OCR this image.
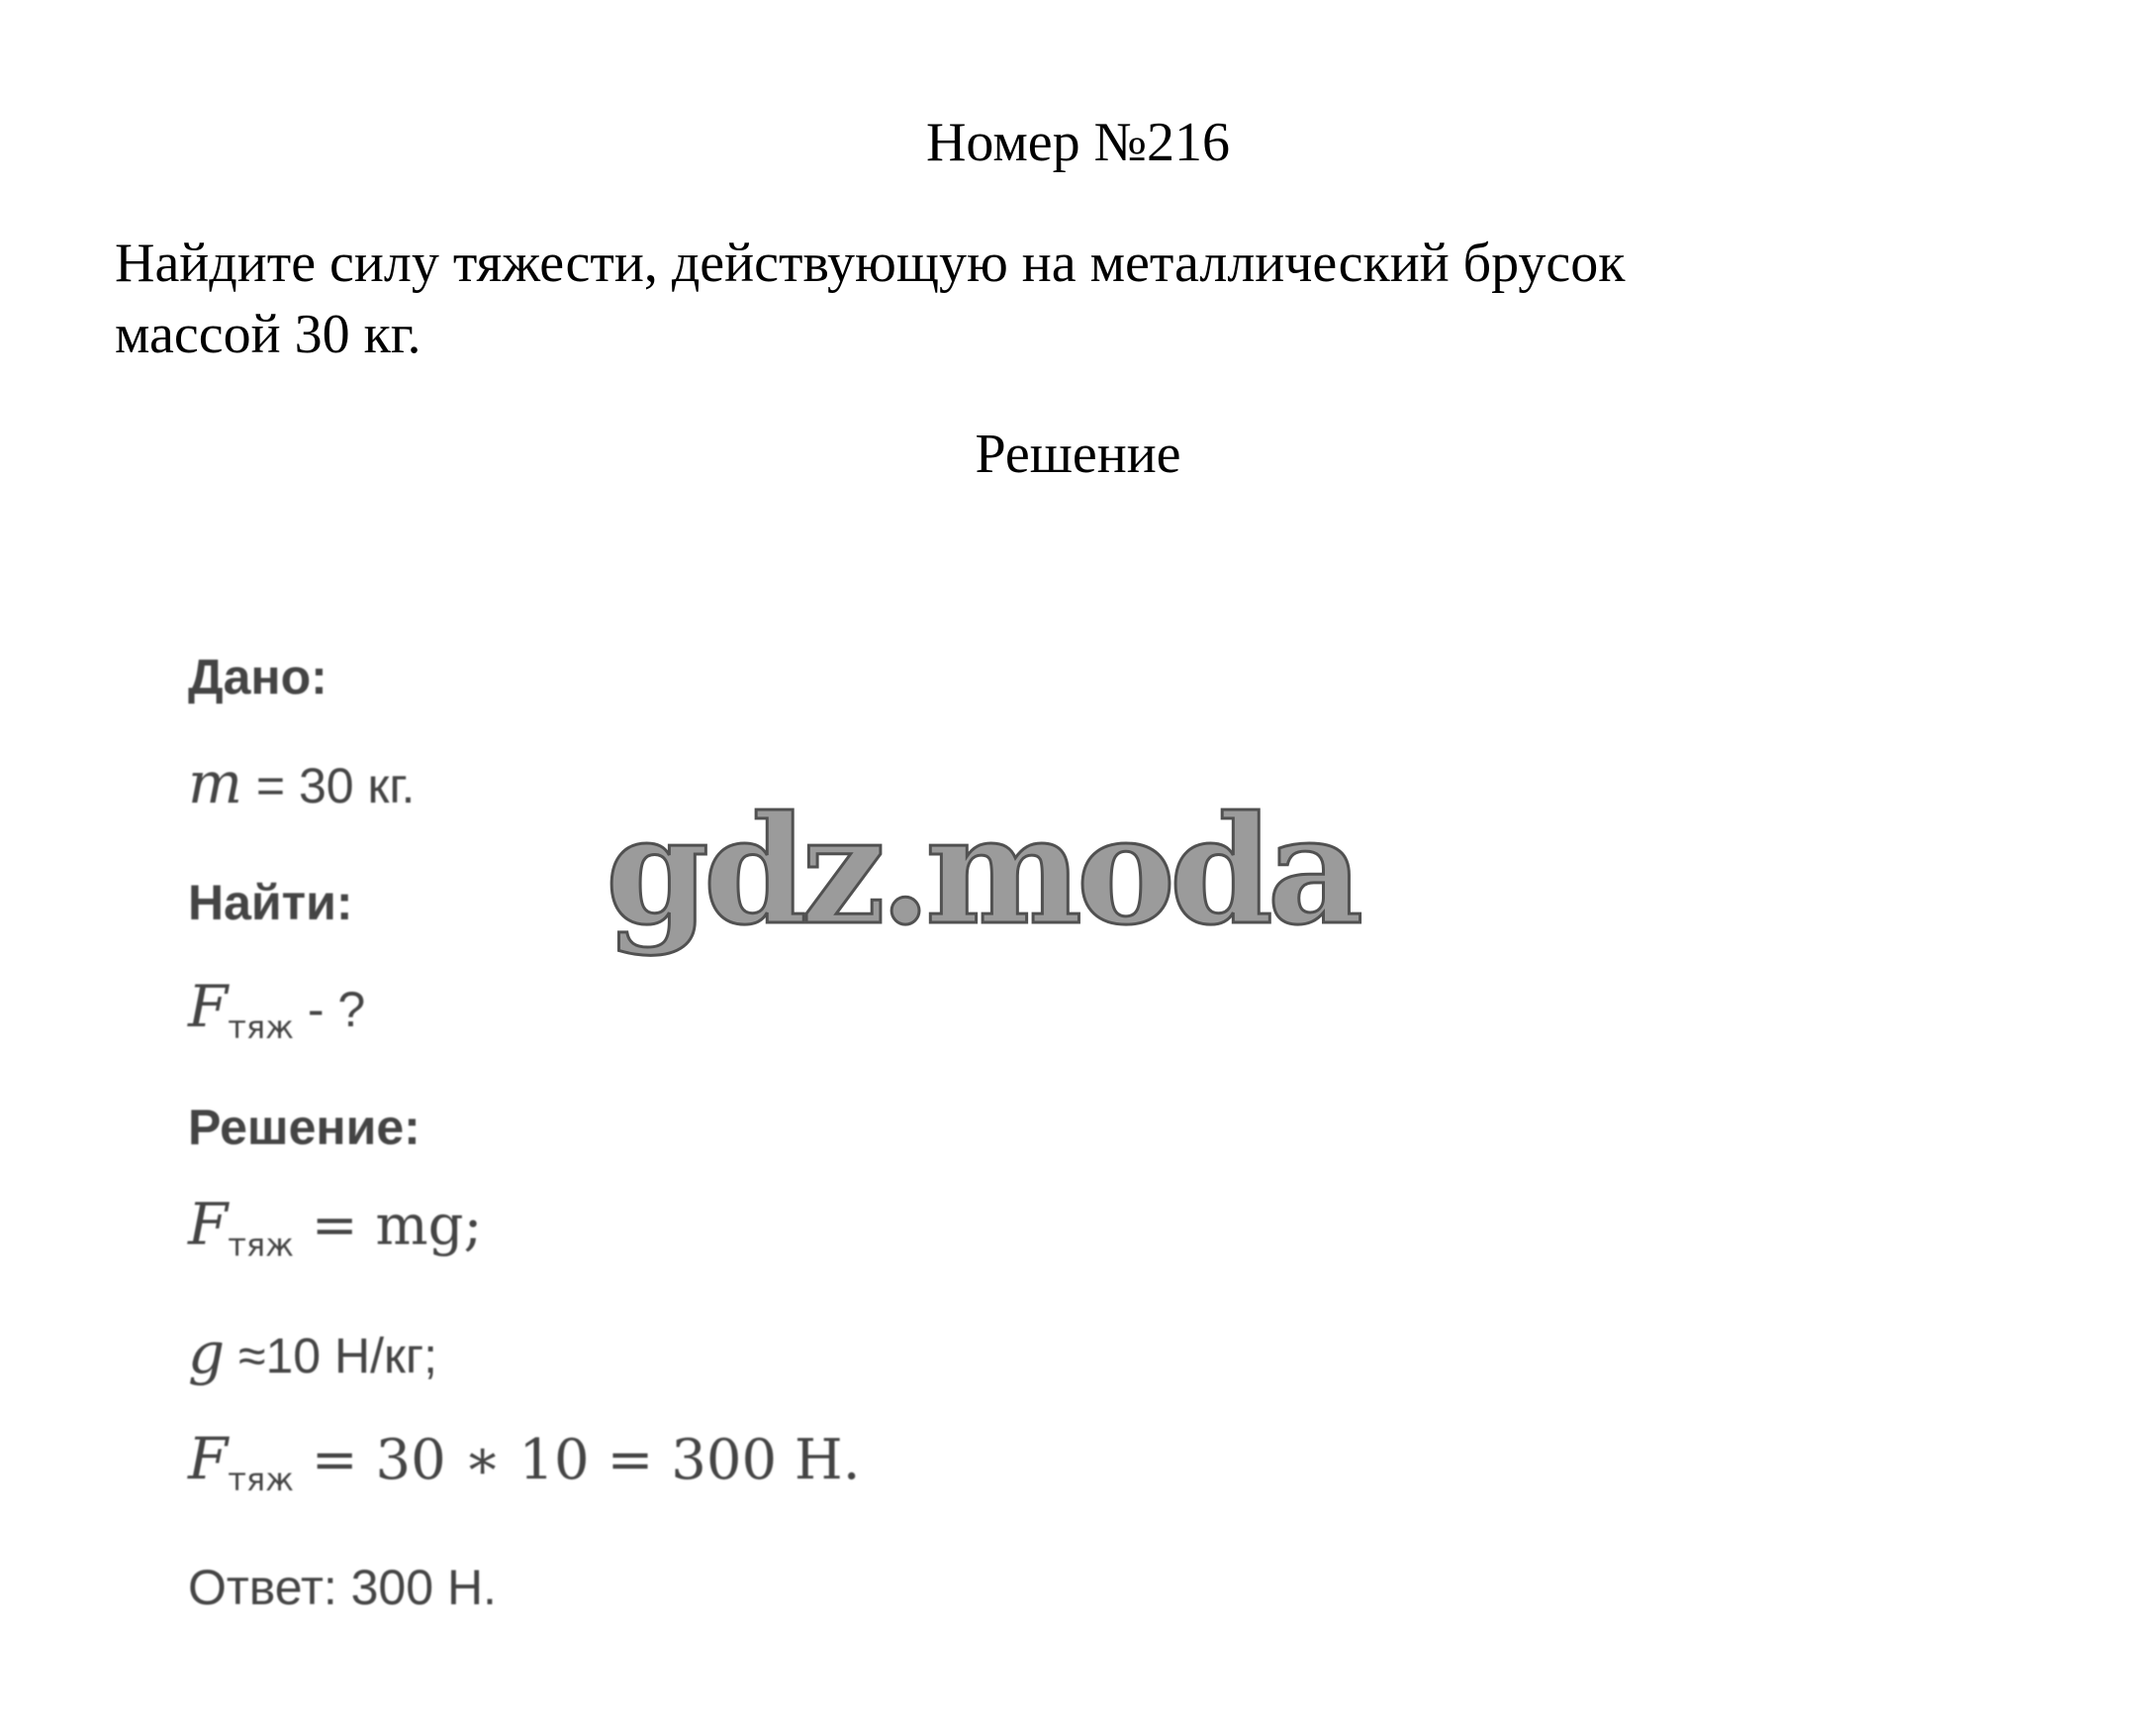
Номер №216
Найдите силу тяжести, действующую на металлический брусок
массой 30 кг.
Решение
Дано:
m = 30 кг.
Найти:
$F_{тяж}$ - ?
Решение:
$F_{тяж}$ = mg;
g ≈10 Н/кг;
$F_{тяж} = 30$ ∗ 10 = 300 Н.
Ответ: 300 Н.
gdz.moda
